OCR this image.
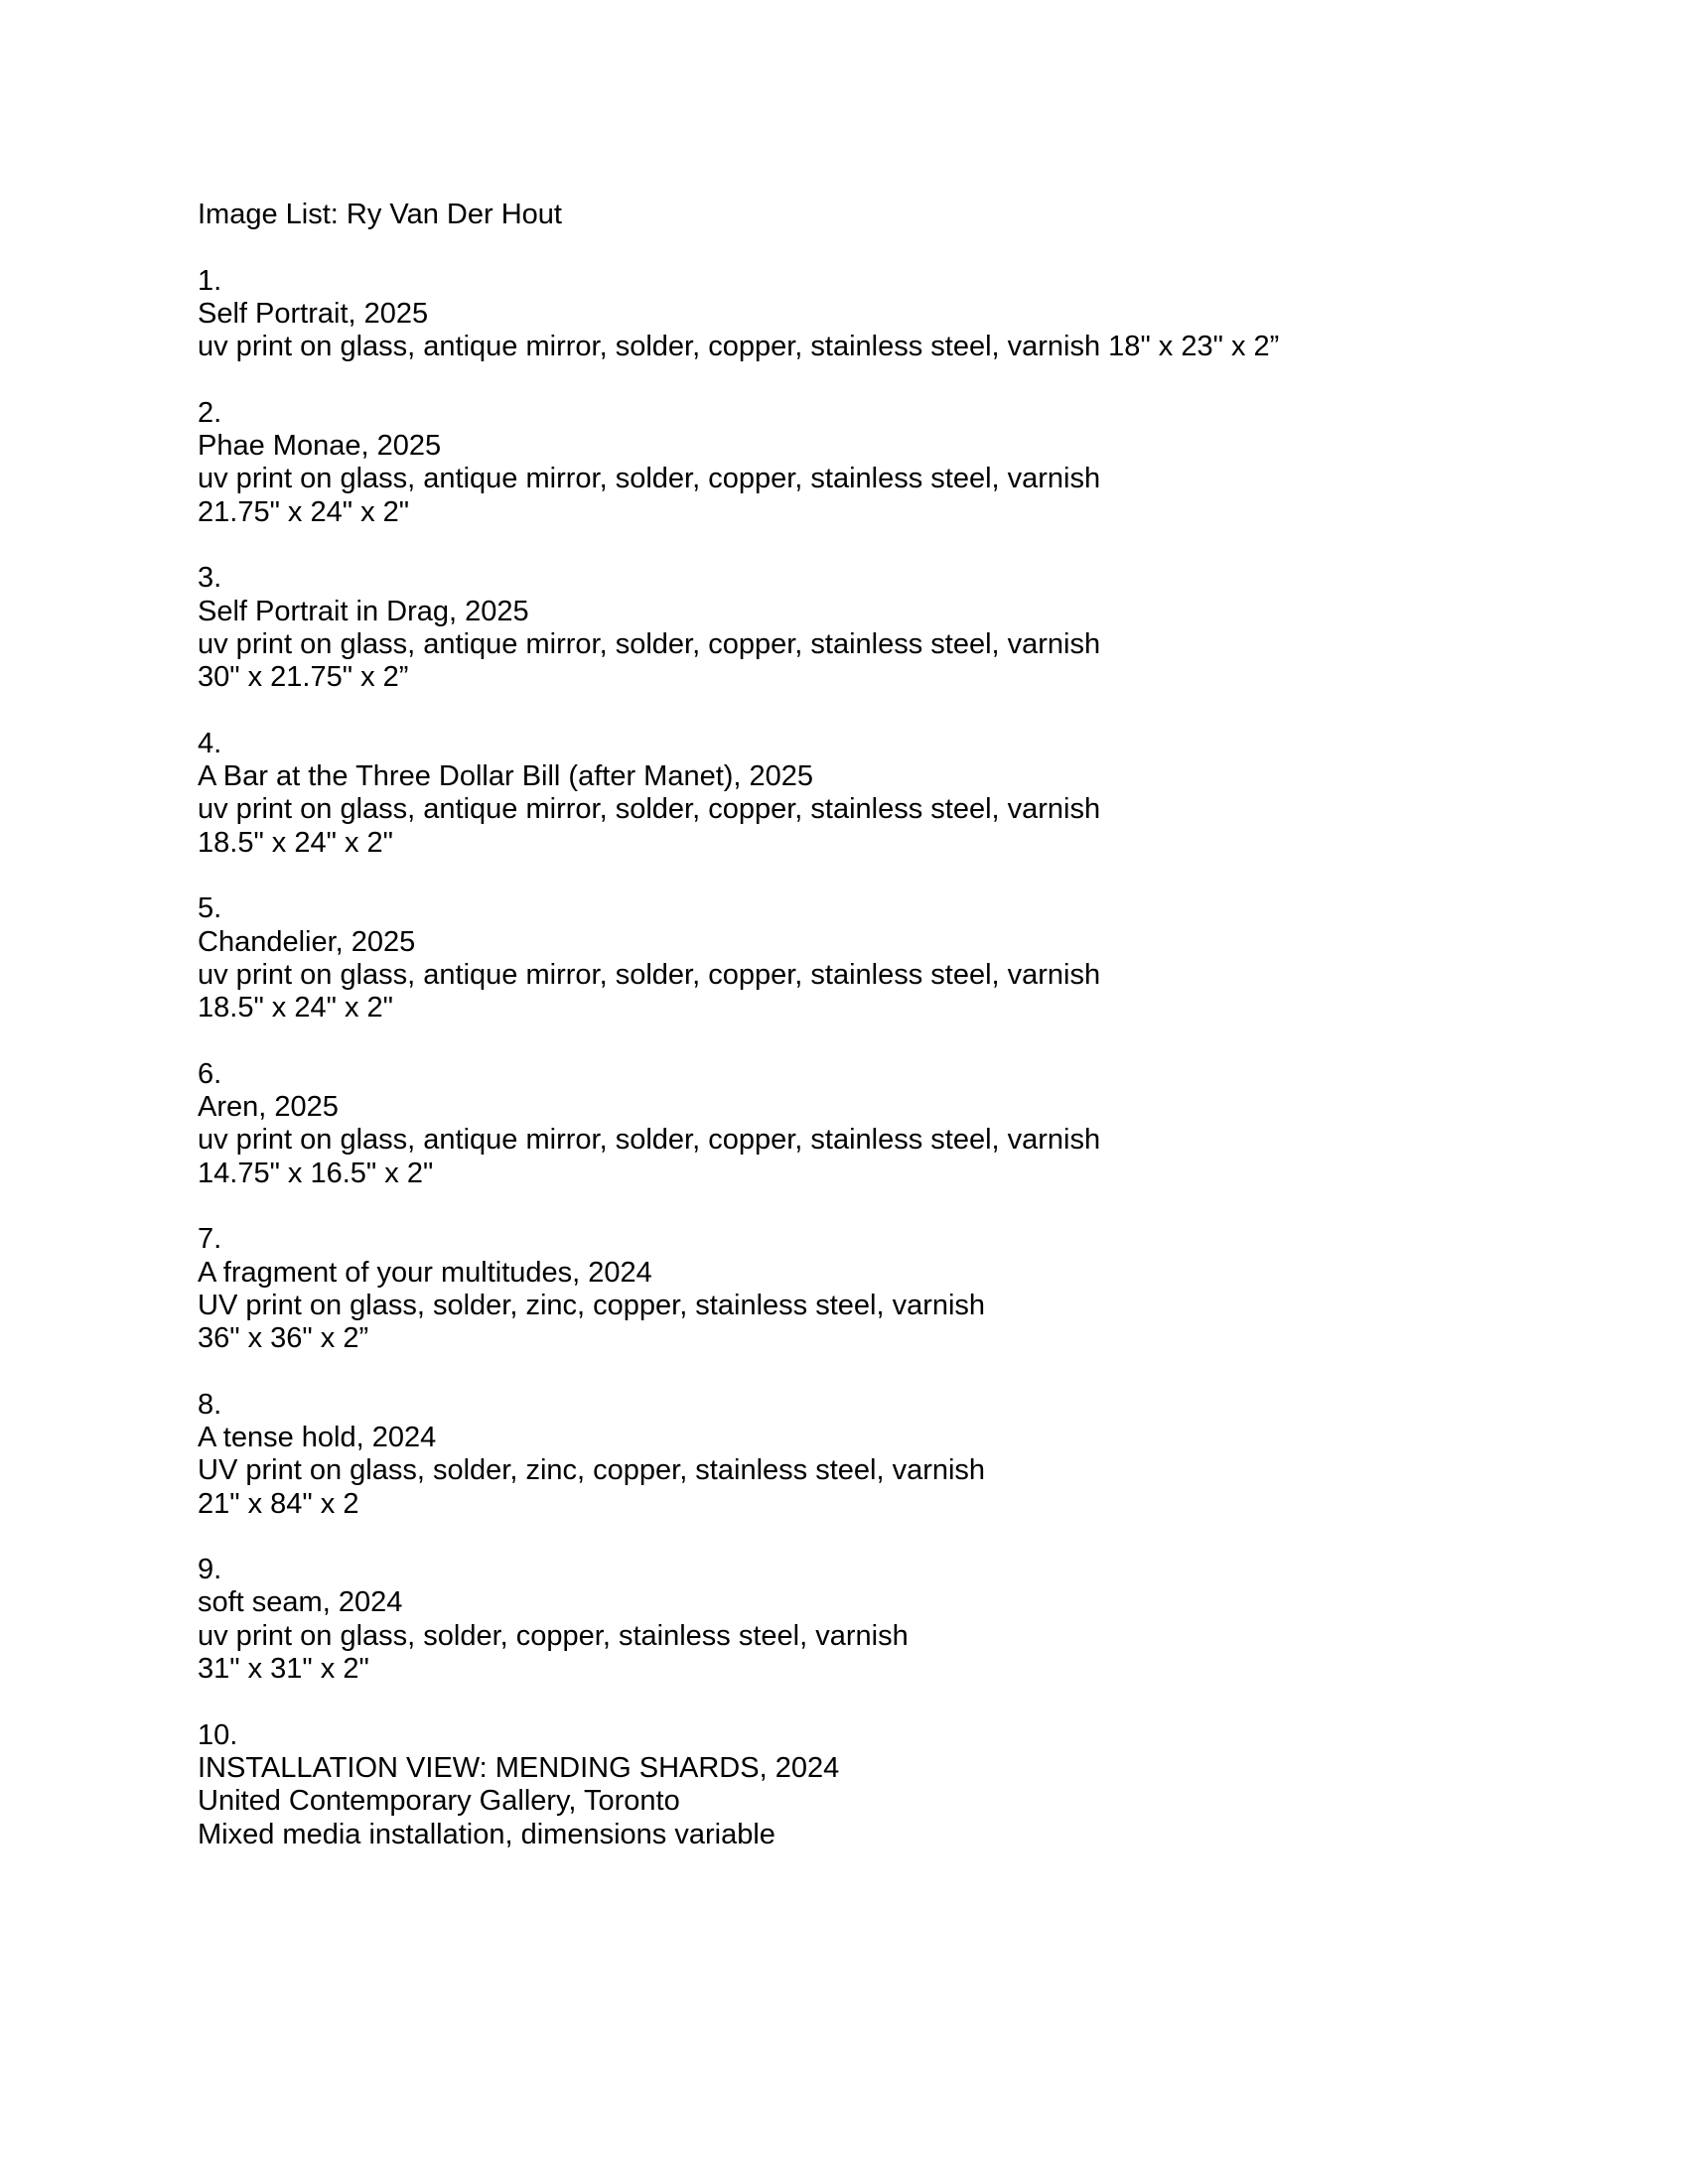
Image List: Ry Van Der Hout
1.
Self Portrait, 2025
uv print on glass, antique mirror, solder, copper, stainless steel, varnish 18" x 23" x 2”
2.
Phae Monae, 2025
uv print on glass, antique mirror, solder, copper, stainless steel, varnish
21.75" x 24" x 2"
3.
Self Portrait in Drag, 2025
uv print on glass, antique mirror, solder, copper, stainless steel, varnish
30" x 21.75" x 2”
4.
A Bar at the Three Dollar Bill (after Manet), 2025
uv print on glass, antique mirror, solder, copper, stainless steel, varnish
18.5" x 24" x 2"
5.
Chandelier, 2025
uv print on glass, antique mirror, solder, copper, stainless steel, varnish
18.5" x 24" x 2"
6.
Aren, 2025
uv print on glass, antique mirror, solder, copper, stainless steel, varnish
14.75" x 16.5" x 2"
7.
A fragment of your multitudes, 2024
UV print on glass, solder, zinc, copper, stainless steel, varnish
36" x 36" x 2”
8.
A tense hold, 2024
UV print on glass, solder, zinc, copper, stainless steel, varnish
21" x 84" x 2
9.
soft seam, 2024
uv print on glass, solder, copper, stainless steel, varnish
31" x 31" x 2"
10.
INSTALLATION VIEW: MENDING SHARDS, 2024
United Contemporary Gallery, Toronto
Mixed media installation, dimensions variable
